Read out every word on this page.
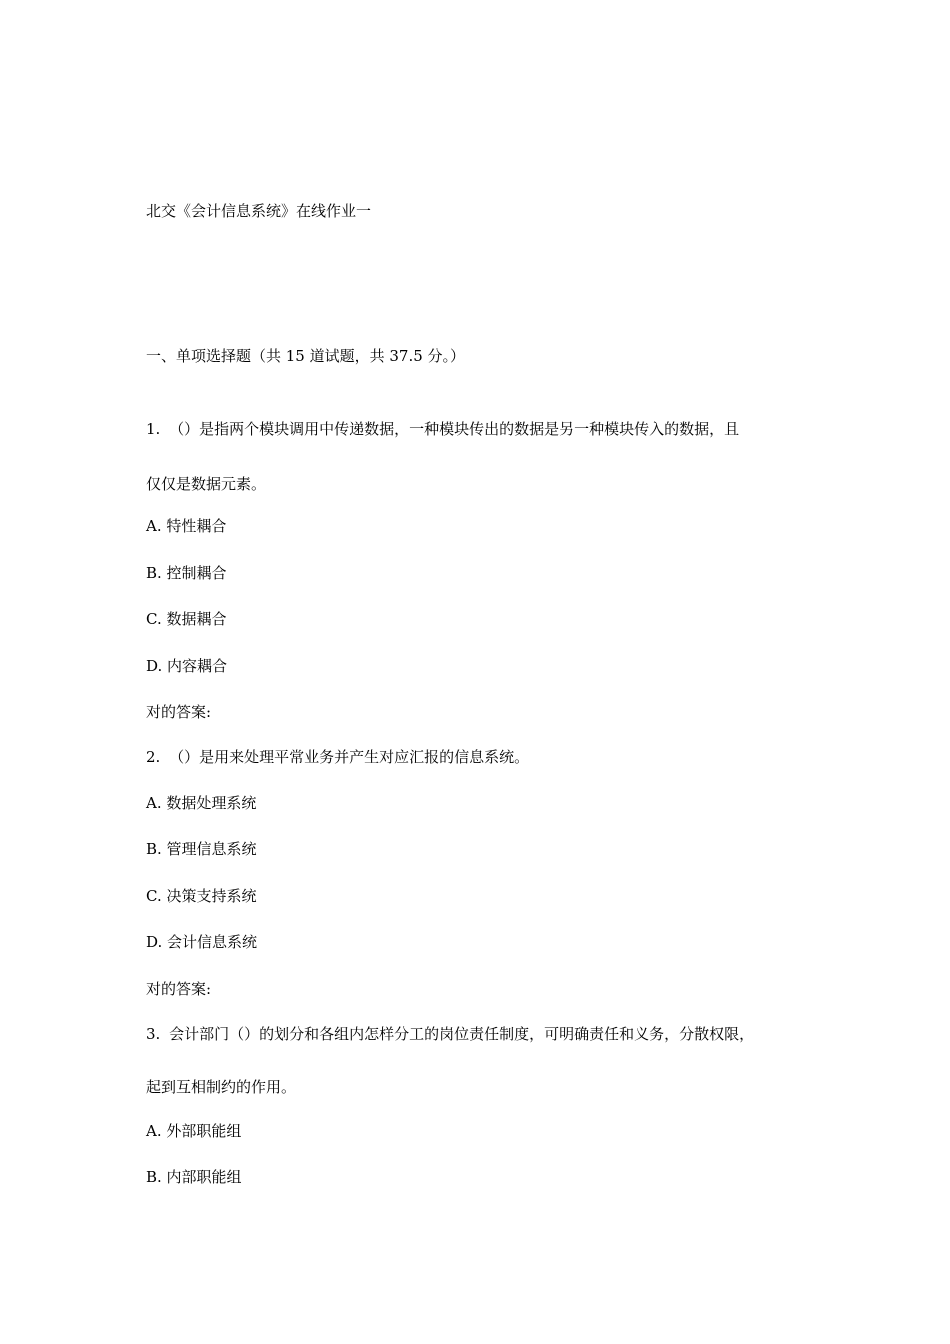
北交《会计信息系统》在线作业一
一、单项选择题（共 15 道试题，共 37.5 分。）
1. （）是指两个模块调用中传递数据，一种模块传出的数据是另一种模块传入的数据，且
仅仅是数据元素。
A. 特性耦合
B. 控制耦合
C. 数据耦合
D. 内容耦合
对的答案:
2. （）是用来处理平常业务并产生对应汇报的信息系统。
A. 数据处理系统
B. 管理信息系统
C. 决策支持系统
D. 会计信息系统
对的答案:
3. 会计部门（）的划分和各组内怎样分工的岗位责任制度，可明确责任和义务，分散权限，
起到互相制约的作用。
A. 外部职能组
B. 内部职能组
